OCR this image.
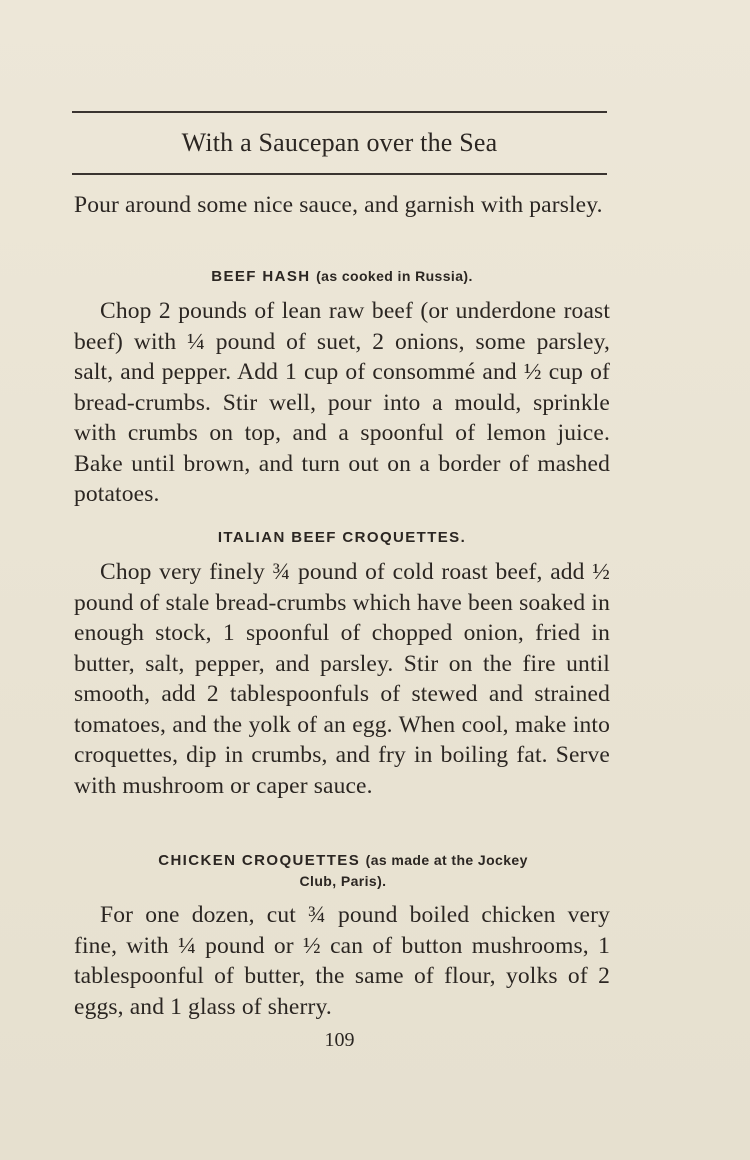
With a Saucepan over the Sea

Pour around some nice sauce, and garnish with parsley.

BEEF HASH (as cooked in Russia).

Chop 2 pounds of lean raw beef (or underdone roast beef) with ¼ pound of suet, 2 onions, some parsley, salt, and pepper. Add 1 cup of consommé and ½ cup of bread-crumbs. Stir well, pour into a mould, sprinkle with crumbs on top, and a spoonful of lemon juice. Bake until brown, and turn out on a border of mashed potatoes.

ITALIAN BEEF CROQUETTES.

Chop very finely ¾ pound of cold roast beef, add ½ pound of stale bread-crumbs which have been soaked in enough stock, 1 spoonful of chopped onion, fried in butter, salt, pepper, and parsley. Stir on the fire until smooth, add 2 tablespoonfuls of stewed and strained tomatoes, and the yolk of an egg. When cool, make into croquettes, dip in crumbs, and fry in boiling fat. Serve with mushroom or caper sauce.

CHICKEN CROQUETTES (as made at the Jockey Club, Paris).

For one dozen, cut ¾ pound boiled chicken very fine, with ¼ pound or ½ can of button mushrooms, 1 tablespoonful of butter, the same of flour, yolks of 2 eggs, and 1 glass of sherry.

109
